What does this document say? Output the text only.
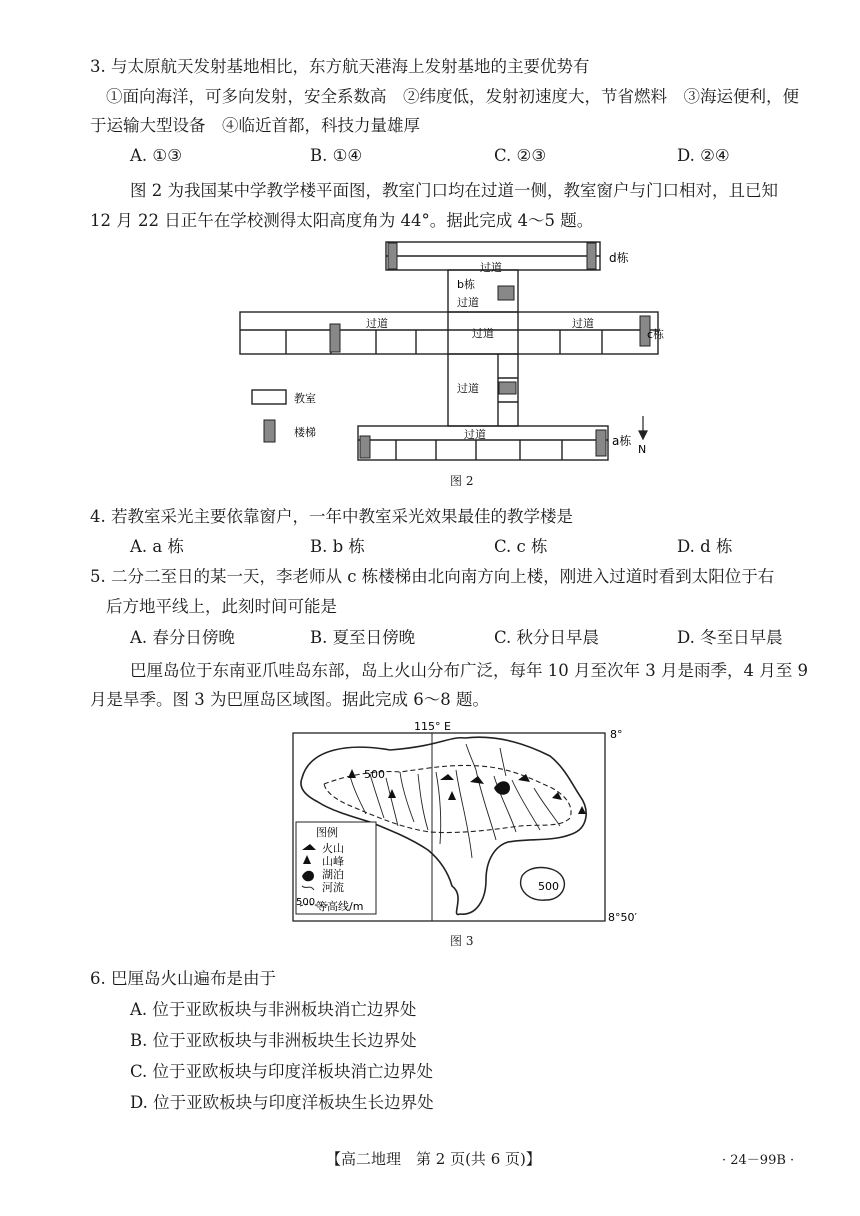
3. 与太原航天发射基地相比，东方航天港海上发射基地的主要优势有
①面向海洋，可多向发射，安全系数高　②纬度低，发射初速度大，节省燃料　③海运便利，便
于运输大型设备　④临近首都，科技力量雄厚
A. ①③	B. ①④	C. ②③	D. ②④
图 2 为我国某中学教学楼平面图，教室门口均在过道一侧，教室窗户与门口相对，且已知
12 月 22 日正午在学校测得太阳高度角为 44°。据此完成 4～5 题。
d栋
过道
b栋
过道
过道
过道
过道
c栋
过道
过道	a栋
N
教室
楼梯
图 2
4. 若教室采光主要依靠窗户，一年中教室采光效果最佳的教学楼是
A. a 栋	B. b 栋	C. c 栋	D. d 栋
5. 二分二至日的某一天，李老师从 c 栋楼梯由北向南方向上楼，刚进入过道时看到太阳位于右
后方地平线上，此刻时间可能是
A. 春分日傍晚	B. 夏至日傍晚	C. 秋分日早晨	D. 冬至日早晨
巴厘岛位于东南亚爪哇岛东部，岛上火山分布广泛，每年 10 月至次年 3 月是雨季，4 月至 9
月是旱季。图 3 为巴厘岛区域图。据此完成 6～8 题。
图例
火山
山峰
湖泊
河流
500 等高线/m
115° E
8°
8°50′
500
500
图 3
6. 巴厘岛火山遍布是由于
A. 位于亚欧板块与非洲板块消亡边界处
B. 位于亚欧板块与非洲板块生长边界处
C. 位于亚欧板块与印度洋板块消亡边界处
D. 位于亚欧板块与印度洋板块生长边界处
【高二地理　第 2 页(共 6 页)】	· 24－99B ·
